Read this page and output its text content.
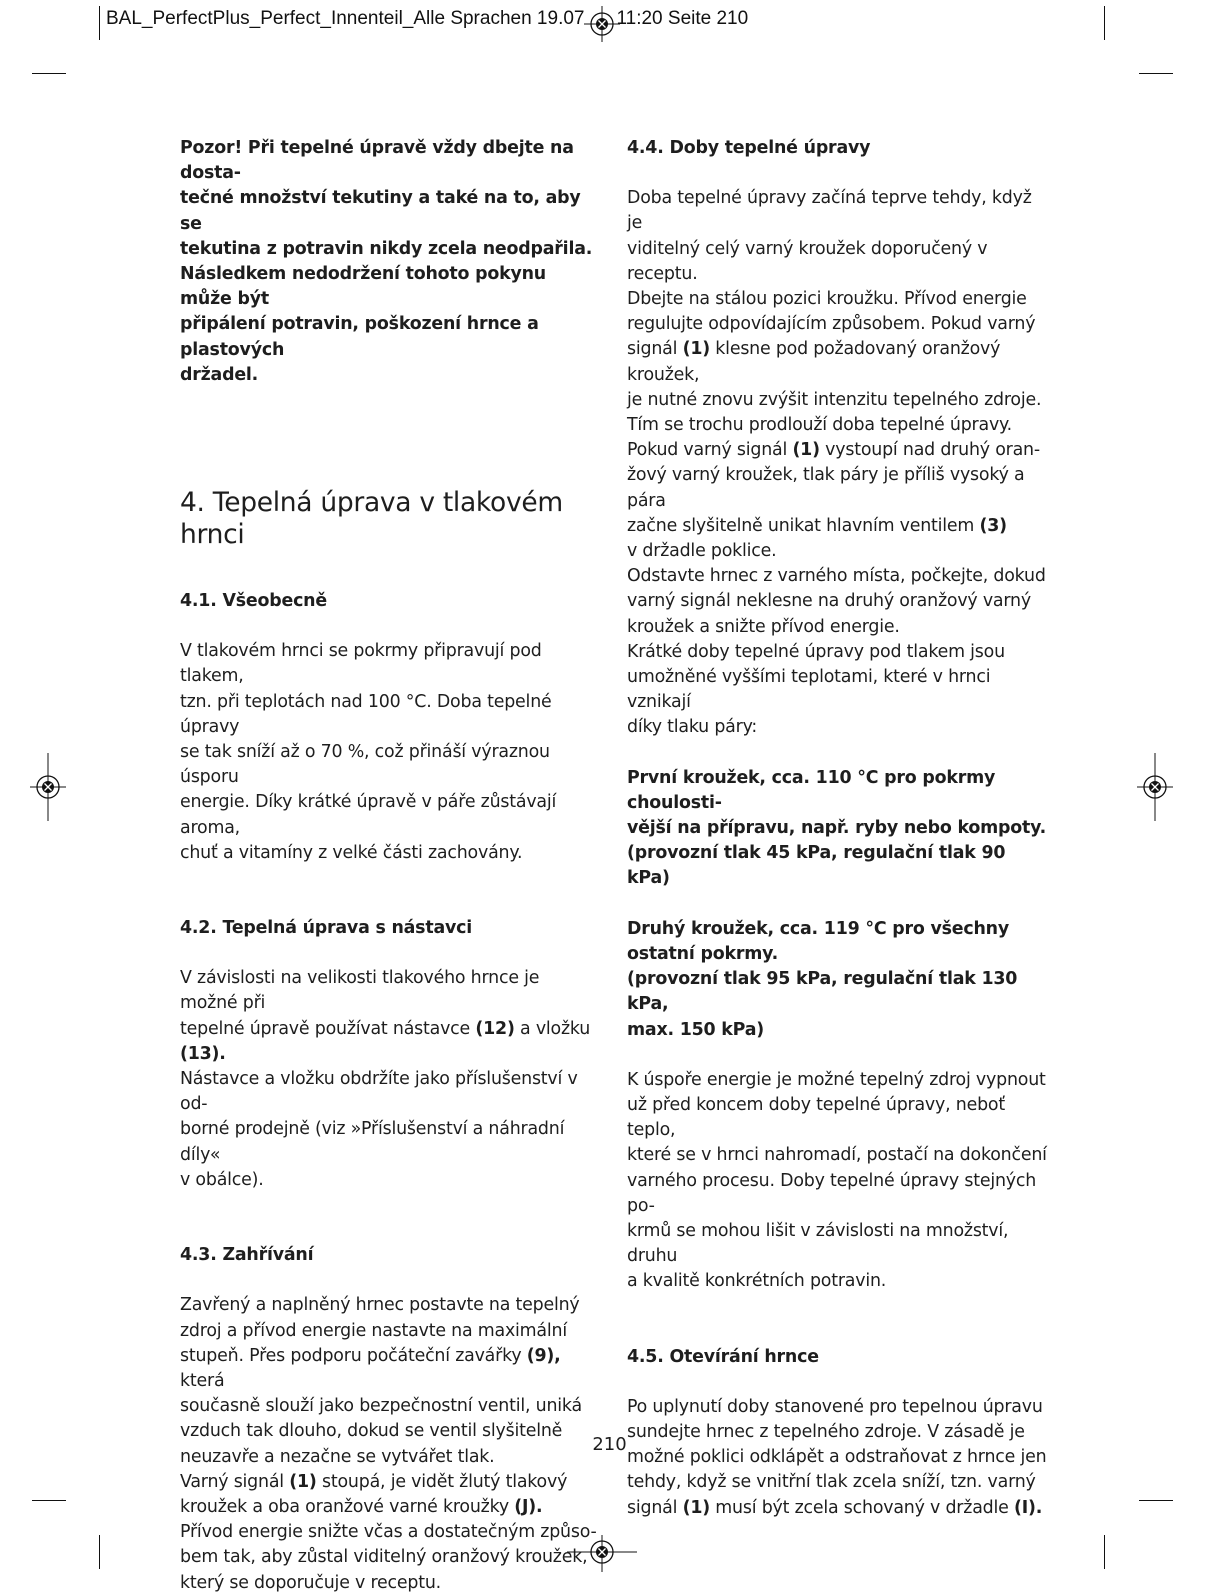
BAL_PerfectPlus_Perfect_Innenteil_Alle Sprachen 19.07 11:20 Seite 210

Pozor! Při tepelné úpravě vždy dbejte na dosta-
tečné množství tekutiny a také na to, aby se
tekutina z potravin nikdy zcela neodpařila.
Následkem nedodržení tohoto pokynu může být
připálení potravin, poškození hrnce a plastových
držadel.

4. Tepelná úprava v tlakovém hrnci
4.1. Všeobecně

V tlakovém hrnci se pokrmy připravují pod tlakem,
tzn. při teplotách nad 100 °C. Doba tepelné úpravy
se tak sníží až o 70 %, což přináší výraznou úsporu
energie. Díky krátké úpravě v páře zůstávají aroma,
chuť a vitamíny z velké části zachovány.

4.2. Tepelná úprava s nástavci

V závislosti na velikosti tlakového hrnce je možné při
tepelné úpravě používat nástavce (12) a vložku (13).
Nástavce a vložku obdržíte jako příslušenství v od-
borné prodejně (viz »Příslušenství a náhradní díly«
v obálce).

4.3. Zahřívání

Zavřený a naplněný hrnec postavte na tepelný
zdroj a přívod energie nastavte na maximální
stupeň. Přes podporu počáteční zavářky (9), která
současně slouží jako bezpečnostní ventil, uniká
vzduch tak dlouho, dokud se ventil slyšitelně
neuzavře a nezačne se vytvářet tlak.
Varný signál (1) stoupá, je vidět žlutý tlakový
kroužek a oba oranžové varné kroužky (J).
Přívod energie snižte včas a dostatečným způso-
bem tak, aby zůstal viditelný oranžový kroužek,
který se doporučuje v receptu.

4.4. Doby tepelné úpravy

Doba tepelné úpravy začíná teprve tehdy, když je
viditelný celý varný kroužek doporučený v receptu.
Dbejte na stálou pozici kroužku. Přívod energie
regulujte odpovídajícím způsobem. Pokud varný
signál (1) klesne pod požadovaný oranžový kroužek,
je nutné znovu zvýšit intenzitu tepelného zdroje.
Tím se trochu prodlouží doba tepelné úpravy.
Pokud varný signál (1) vystoupí nad druhý oran-
žový varný kroužek, tlak páry je příliš vysoký a pára
začne slyšitelně unikat hlavním ventilem (3)
v držadle poklice.
Odstavte hrnec z varného místa, počkejte, dokud
varný signál neklesne na druhý oranžový varný
kroužek a snižte přívod energie.
Krátké doby tepelné úpravy pod tlakem jsou
umožněné vyššími teplotami, které v hrnci vznikají
díky tlaku páry:

První kroužek, cca. 110 °C pro pokrmy choulosti-
vější na přípravu, např. ryby nebo kompoty.
(provozní tlak 45 kPa, regulační tlak 90 kPa)

Druhý kroužek, cca. 119 °C pro všechny
ostatní pokrmy.
(provozní tlak 95 kPa, regulační tlak 130 kPa,
max. 150 kPa)

K úspoře energie je možné tepelný zdroj vypnout
už před koncem doby tepelné úpravy, neboť teplo,
které se v hrnci nahromadí, postačí na dokončení
varného procesu. Doby tepelné úpravy stejných po-
krmů se mohou lišit v závislosti na množství, druhu
a kvalitě konkrétních potravin.

4.5. Otevírání hrnce

Po uplynutí doby stanovené pro tepelnou úpravu
sundejte hrnec z tepelného zdroje. V zásadě je
možné poklici odklápět a odstraňovat z hrnce jen
tehdy, když se vnitřní tlak zcela sníží, tzn. varný
signál (1) musí být zcela schovaný v držadle (I).

210
